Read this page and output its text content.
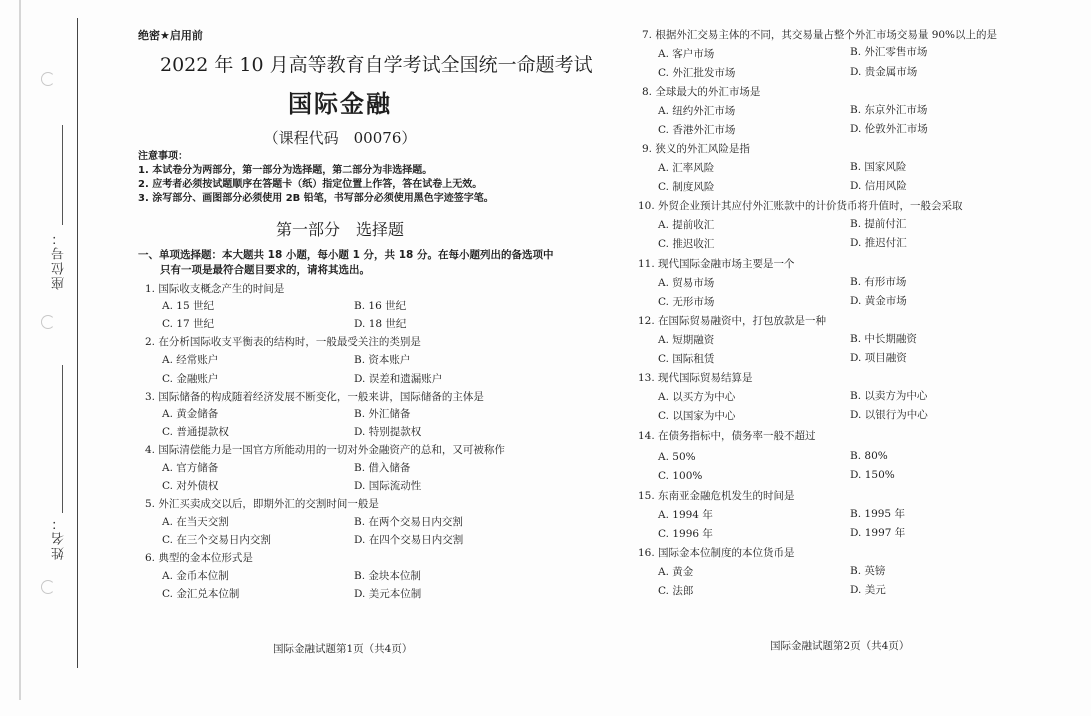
座位号：
姓名：
绝密★启用前
2022 年 10 月高等教育自学考试全国统一命题考试
国际金融
（课程代码　00076）
注意事项：
1. 本试卷分为两部分，第一部分为选择题，第二部分为非选择题。
2. 应考者必须按试题顺序在答题卡（纸）指定位置上作答，答在试卷上无效。
3. 涂写部分、画图部分必须使用 2B 铅笔，书写部分必须使用黑色字迹签字笔。
第一部分　选择题
一、单项选择题：本大题共 18 小题，每小题 1 分，共 18 分。在每小题列出的备选项中
只有一项是最符合题目要求的，请将其选出。
1. 国际收支概念产生的时间是
A. 15 世纪	B. 16 世纪
C. 17 世纪	D. 18 世纪
2. 在分析国际收支平衡表的结构时，一般最受关注的类别是
A. 经常账户	B. 资本账户
C. 金融账户	D. 误差和遗漏账户
3. 国际储备的构成随着经济发展不断变化，一般来讲，国际储备的主体是
A. 黄金储备	B. 外汇储备
C. 普通提款权	D. 特别提款权
4. 国际清偿能力是一国官方所能动用的一切对外金融资产的总和，又可被称作
A. 官方储备	B. 借入储备
C. 对外债权	D. 国际流动性
5. 外汇买卖成交以后，即期外汇的交割时间一般是
A. 在当天交割	B. 在两个交易日内交割
C. 在三个交易日内交割	D. 在四个交易日内交割
6. 典型的金本位形式是
A. 金币本位制	B. 金块本位制
C. 金汇兑本位制	D. 美元本位制
7. 根据外汇交易主体的不同，其交易量占整个外汇市场交易量 90%以上的是
A. 客户市场	B. 外汇零售市场
C. 外汇批发市场	D. 贵金属市场
8. 全球最大的外汇市场是
A. 纽约外汇市场	B. 东京外汇市场
C. 香港外汇市场	D. 伦敦外汇市场
9. 狭义的外汇风险是指
A. 汇率风险	B. 国家风险
C. 制度风险	D. 信用风险
10. 外贸企业预计其应付外汇账款中的计价货币将升值时，一般会采取
A. 提前收汇	B. 提前付汇
C. 推迟收汇	D. 推迟付汇
11. 现代国际金融市场主要是一个
A. 贸易市场	B. 有形市场
C. 无形市场	D. 黄金市场
12. 在国际贸易融资中，打包放款是一种
A. 短期融资	B. 中长期融资
C. 国际租赁	D. 项目融资
13. 现代国际贸易结算是
A. 以买方为中心	B. 以卖方为中心
C. 以国家为中心	D. 以银行为中心
14. 在债务指标中，债务率一般不超过
A. 50%	B. 80%
C. 100%	D. 150%
15. 东南亚金融危机发生的时间是
A. 1994 年	B. 1995 年
C. 1996 年	D. 1997 年
16. 国际金本位制度的本位货币是
A. 黄金	B. 英镑
C. 法郎	D. 美元
国际金融试题第1页（共4页）	国际金融试题第2页（共4页）
